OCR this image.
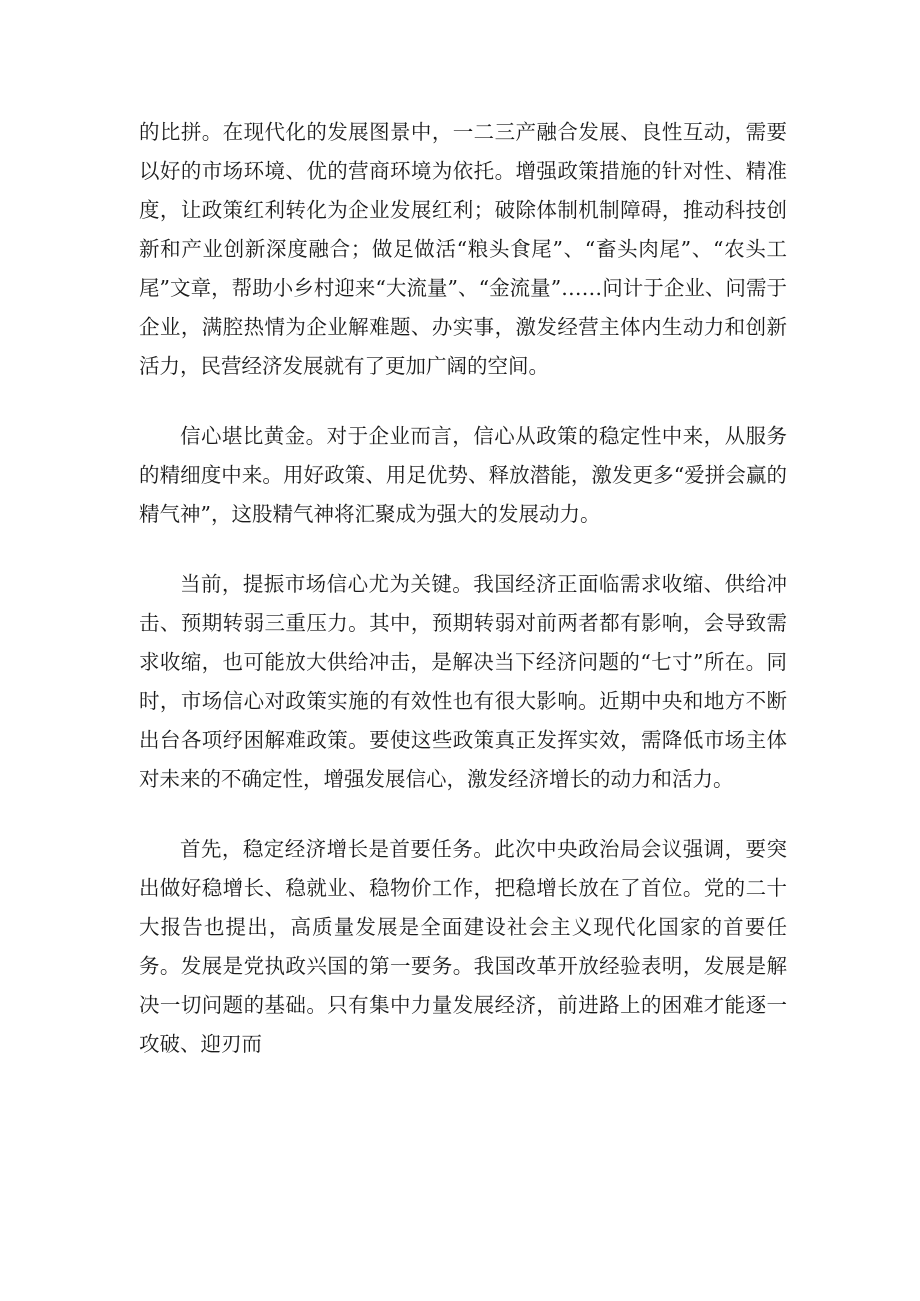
的比拼。在现代化的发展图景中，一二三产融合发展、良性互动，需要以好的市场环境、优的营商环境为依托。增强政策措施的针对性、精准度，让政策红利转化为企业发展红利；破除体制机制障碍，推动科技创新和产业创新深度融合；做足做活“粮头食尾”、“畜头肉尾”、“农头工尾”文章，帮助小乡村迎来“大流量”、“金流量”……问计于企业、问需于企业，满腔热情为企业解难题、办实事，激发经营主体内生动力和创新活力，民营经济发展就有了更加广阔的空间。

信心堪比黄金。对于企业而言，信心从政策的稳定性中来，从服务的精细度中来。用好政策、用足优势、释放潜能，激发更多“爱拼会赢的精气神”，这股精气神将汇聚成为强大的发展动力。

当前，提振市场信心尤为关键。我国经济正面临需求收缩、供给冲击、预期转弱三重压力。其中，预期转弱对前两者都有影响，会导致需求收缩，也可能放大供给冲击，是解决当下经济问题的“七寸”所在。同时，市场信心对政策实施的有效性也有很大影响。近期中央和地方不断出台各项纾困解难政策。要使这些政策真正发挥实效，需降低市场主体对未来的不确定性，增强发展信心，激发经济增长的动力和活力。

首先，稳定经济增长是首要任务。此次中央政治局会议强调，要突出做好稳增长、稳就业、稳物价工作，把稳增长放在了首位。党的二十大报告也提出，高质量发展是全面建设社会主义现代化国家的首要任务。发展是党执政兴国的第一要务。我国改革开放经验表明，发展是解决一切问题的基础。只有集中力量发展经济，前进路上的困难才能逐一攻破、迎刃而
